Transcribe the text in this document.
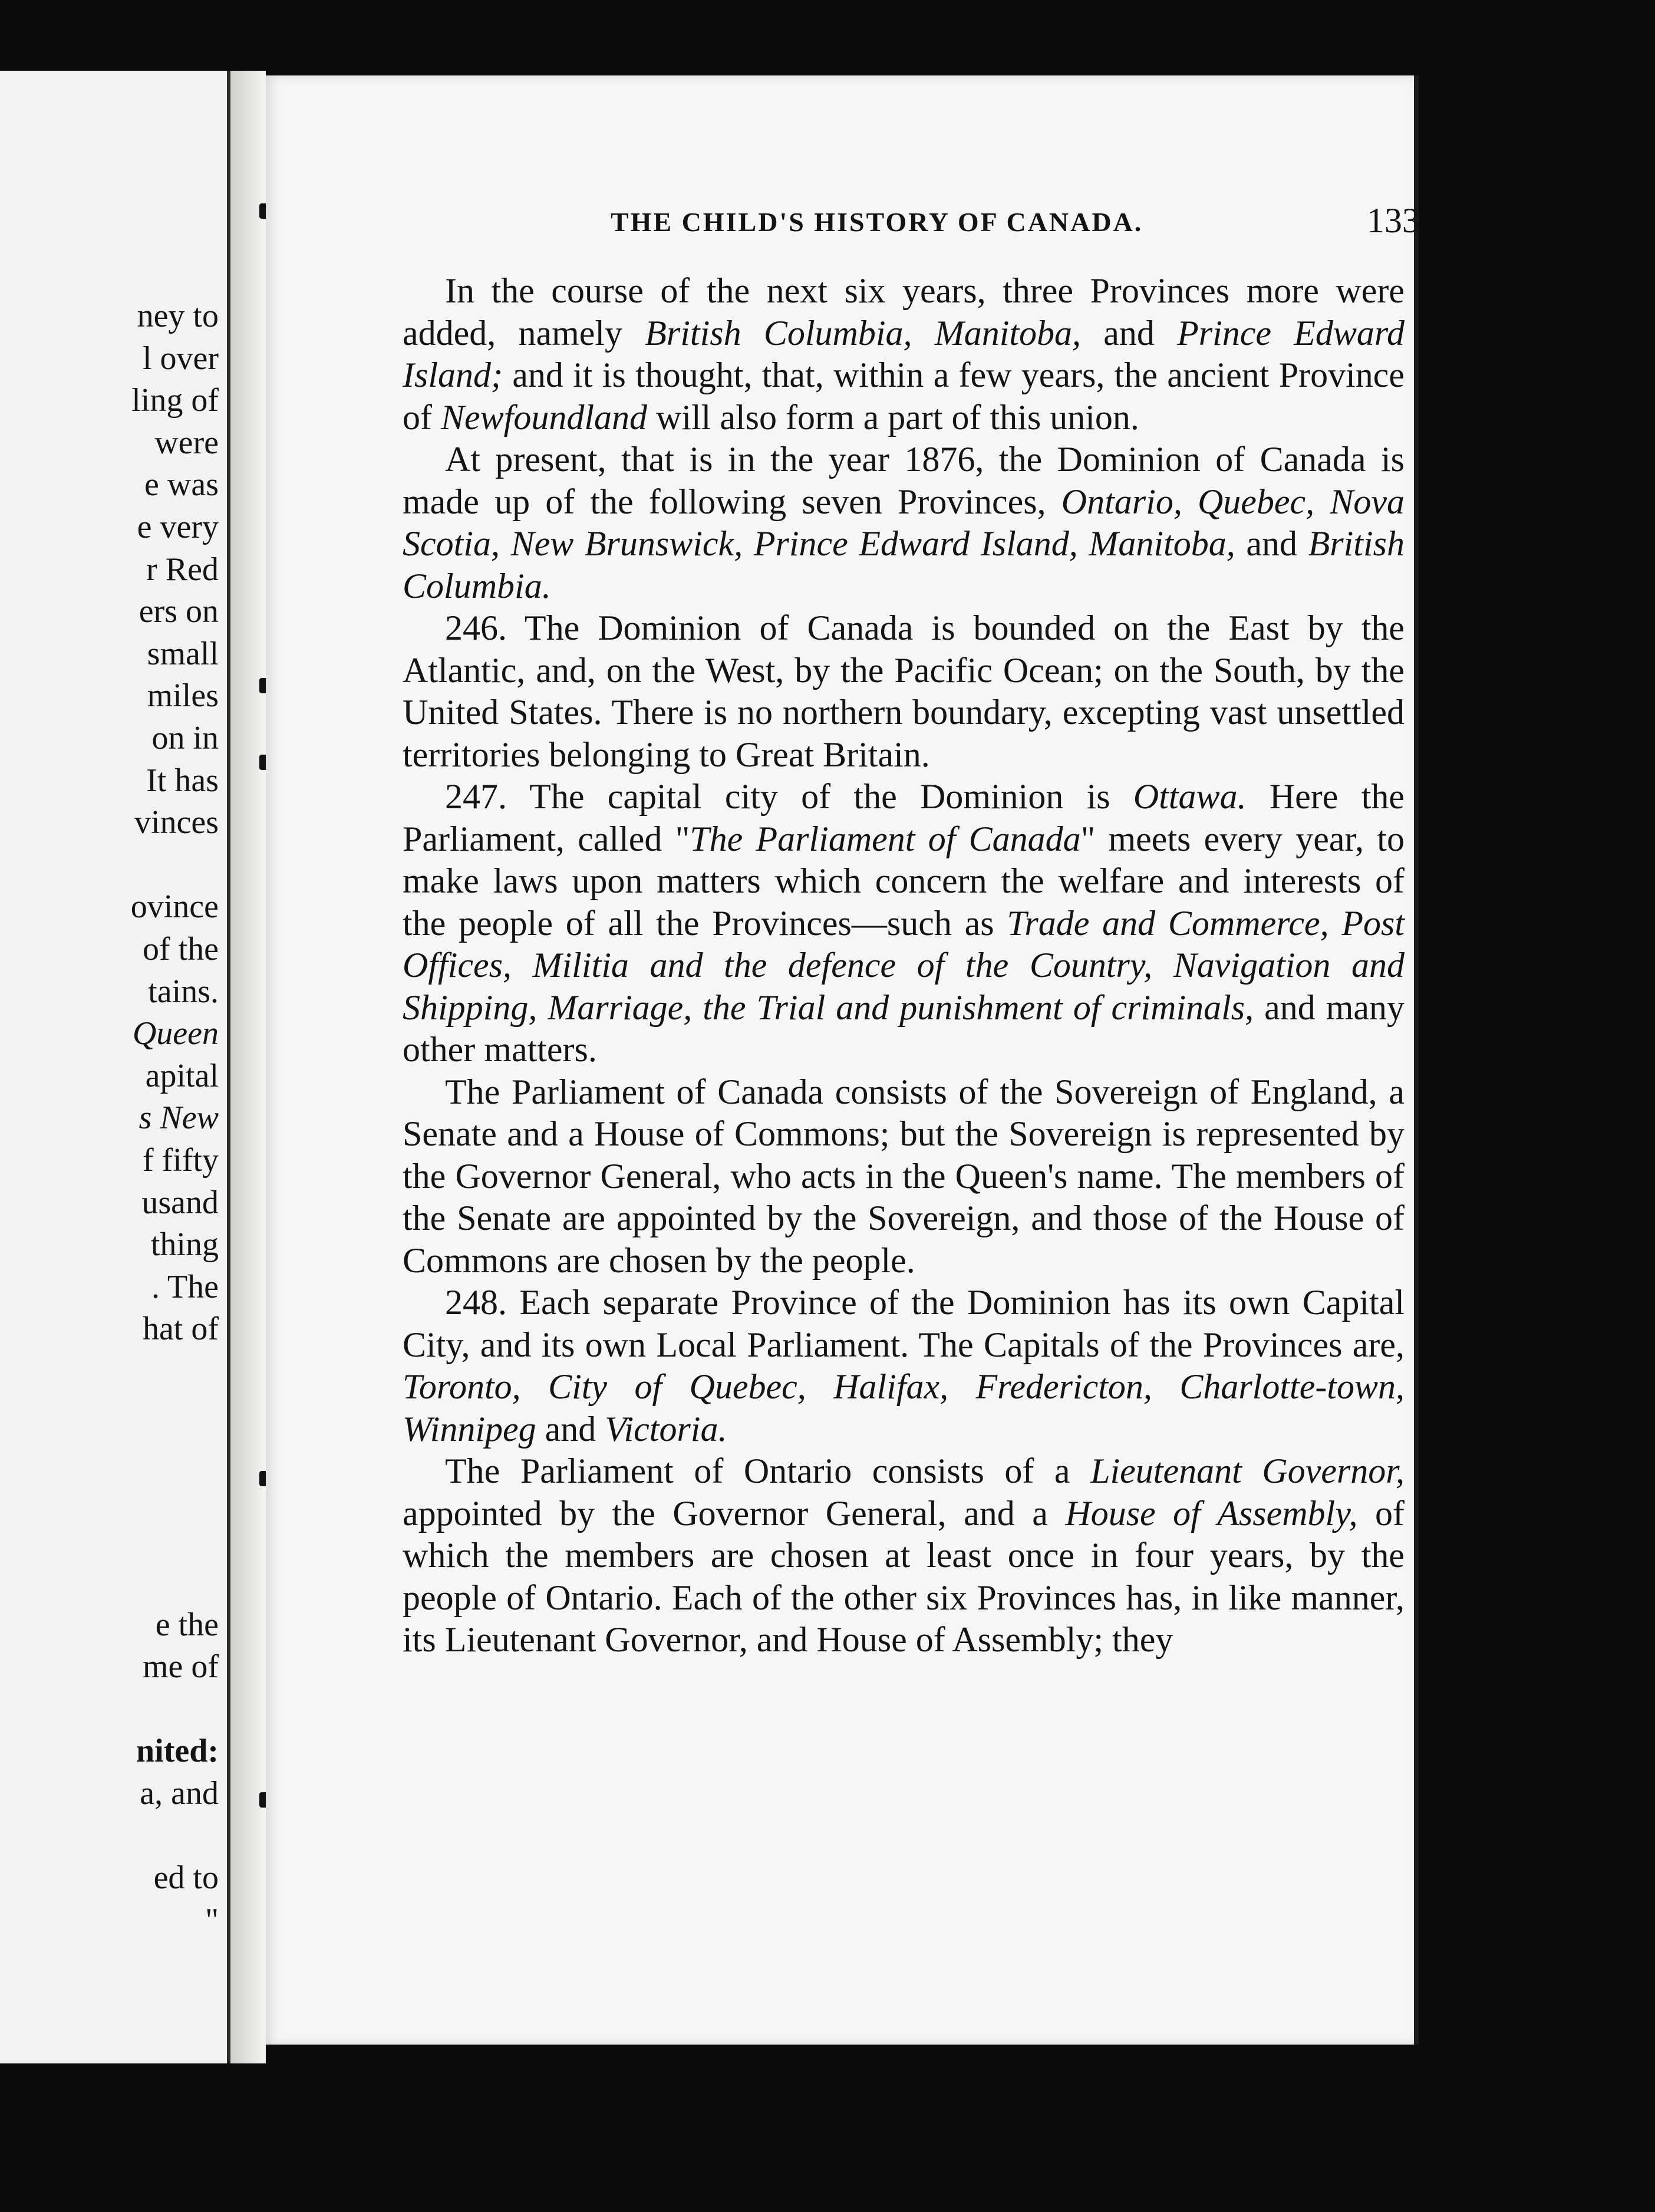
ney to
l over
ling of
were
e was
e very
r Red
ers on
small
miles
on in
It has
vinces
ovince
of the
tains.
Queen
apital
s New
f fifty
usand
thing
. The
hat of
e the
me of
nited:
a, and
ed to
"
THE CHILD'S HISTORY OF CANADA.	133

In the course of the next six years, three Provinces more were added, namely British Columbia, Manitoba, and Prince Edward Island; and it is thought, that, within a few years, the ancient Province of Newfoundland will also form a part of this union.

At present, that is in the year 1876, the Dominion of Canada is made up of the following seven Provinces, Ontario, Quebec, Nova Scotia, New Brunswick, Prince Edward Island, Manitoba, and British Columbia.

246. The Dominion of Canada is bounded on the East by the Atlantic, and, on the West, by the Pacific Ocean; on the South, by the United States. There is no northern boundary, excepting vast unsettled territories belonging to Great Britain.

247. The capital city of the Dominion is Ottawa. Here the Parliament, called "The Parliament of Canada" meets every year, to make laws upon matters which concern the welfare and interests of the people of all the Provinces—such as Trade and Commerce, Post Offices, Militia and the defence of the Country, Navigation and Shipping, Marriage, the Trial and punishment of criminals, and many other matters.

The Parliament of Canada consists of the Sovereign of England, a Senate and a House of Commons; but the Sovereign is represented by the Governor General, who acts in the Queen's name. The members of the Senate are appointed by the Sovereign, and those of the House of Commons are chosen by the people.

248. Each separate Province of the Dominion has its own Capital City, and its own Local Parliament. The Capitals of the Provinces are, Toronto, City of Quebec, Halifax, Fredericton, Charlotte-town, Winnipeg and Victoria.

The Parliament of Ontario consists of a Lieutenant Governor, appointed by the Governor General, and a House of Assembly, of which the members are chosen at least once in four years, by the people of Ontario. Each of the other six Provinces has, in like manner, its Lieutenant Governor, and House of Assembly; they
